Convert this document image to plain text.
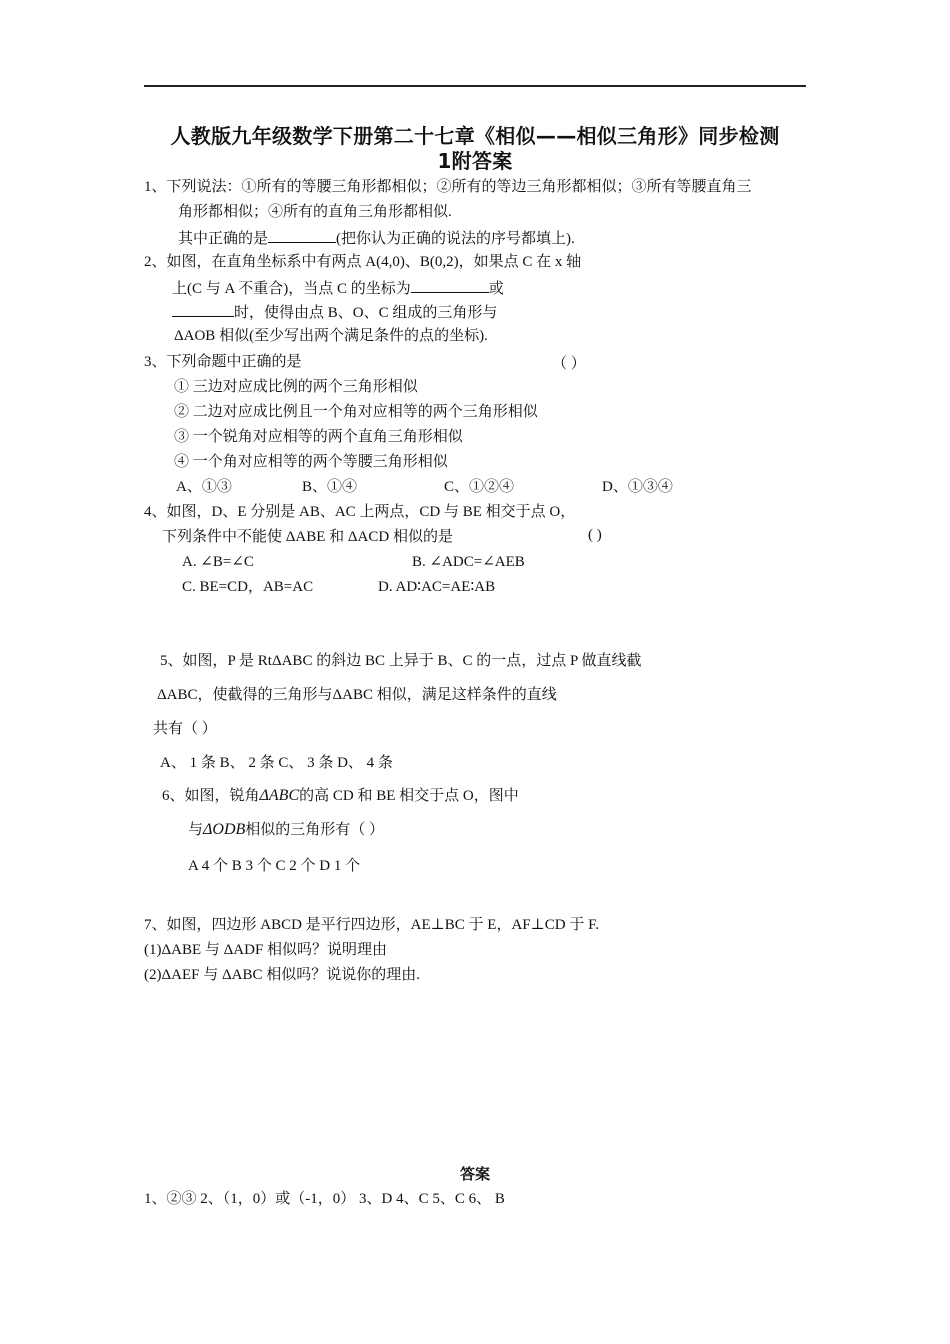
人教版九年级数学下册第二十七章《相似——相似三角形》同步检测
1附答案
1、下列说法：①所有的等腰三角形都相似；②所有的等边三角形都相似；③所有等腰直角三
角形都相似；④所有的直角三角形都相似.
其中正确的是	(把你认为正确的说法的序号都填上).
2、如图，在直角坐标系中有两点 A(4,0)、B(0,2)，如果点 C 在 x 轴
上(C 与 A 不重合)，当点 C 的坐标为	或
时，使得由点 B、O、C 组成的三角形与
ΔAOB 相似(至少写出两个满足条件的点的坐标).
3、下列命题中正确的是	（ ）
① 三边对应成比例的两个三角形相似
② 二边对应成比例且一个角对应相等的两个三角形相似
③ 一个锐角对应相等的两个直角三角形相似
④ 一个角对应相等的两个等腰三角形相似
A、①③	B、①④	C、①②④	D、①③④
4、如图，D、E 分别是 AB、AC 上两点，CD 与 BE 相交于点 O，
下列条件中不能使 ΔABE 和 ΔACD 相似的是	( )
A. ∠B=∠C	B. ∠ADC=∠AEB
C. BE=CD，AB=AC	D. AD∶AC=AE∶AB
5、如图，P 是 RtΔABC 的斜边 BC 上异于 B、C 的一点，过点 P 做直线截
ΔABC，使截得的三角形与ΔABC 相似，满足这样条件的直线
共有（ ）
A、 1 条 B、 2 条 C、 3 条 D、 4 条
6、如图，锐角ΔABC的高 CD 和 BE 相交于点 O，图中
与ΔODB相似的三角形有（ ）
A 4 个 B 3 个 C 2 个 D 1 个
7、如图，四边形 ABCD 是平行四边形，AE⊥BC 于 E，AF⊥CD 于 F.
(1)ΔABE 与 ΔADF 相似吗？说明理由
(2)ΔAEF 与 ΔABC 相似吗？说说你的理由.
答案
1、②③ 2、（1，0）或（-1，0） 3、D 4、C 5、C 6、 B
